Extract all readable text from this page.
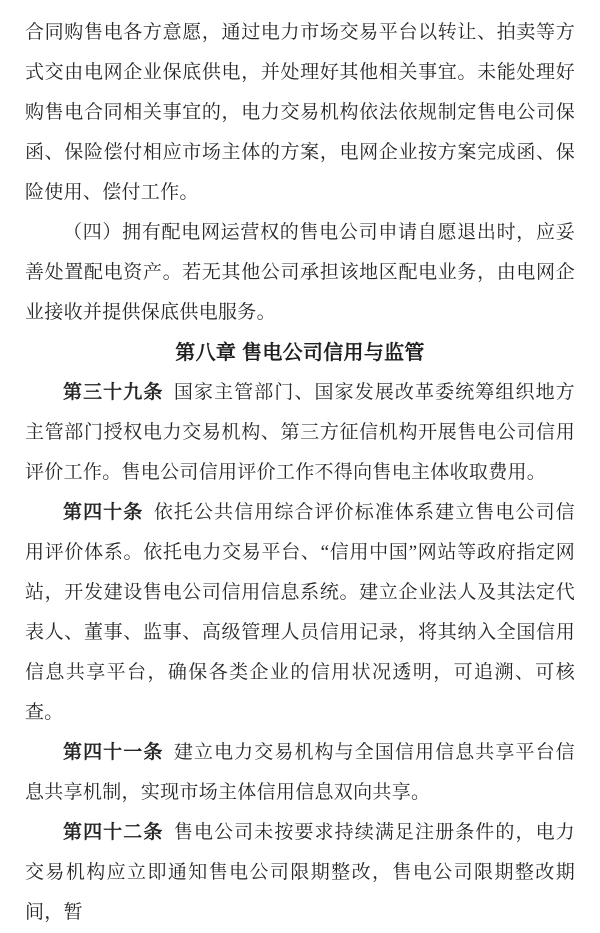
合同购售电各方意愿，通过电力市场交易平台以转让、拍卖等方式交由电网企业保底供电，并处理好其他相关事宜。未能处理好购售电合同相关事宜的，电力交易机构依法依规制定售电公司保函、保险偿付相应市场主体的方案，电网企业按方案完成函、保险使用、偿付工作。

（四）拥有配电网运营权的售电公司申请自愿退出时，应妥善处置配电资产。若无其他公司承担该地区配电业务，由电网企业接收并提供保底供电服务。

第八章 售电公司信用与监管

第三十九条 国家主管部门、国家发展改革委统筹组织地方主管部门授权电力交易机构、第三方征信机构开展售电公司信用评价工作。售电公司信用评价工作不得向售电主体收取费用。

第四十条 依托公共信用综合评价标准体系建立售电公司信用评价体系。依托电力交易平台、“信用中国”网站等政府指定网站，开发建设售电公司信用信息系统。建立企业法人及其法定代表人、董事、监事、高级管理人员信用记录，将其纳入全国信用信息共享平台，确保各类企业的信用状况透明，可追溯、可核查。

第四十一条 建立电力交易机构与全国信用信息共享平台信息共享机制，实现市场主体信用信息双向共享。

第四十二条 售电公司未按要求持续满足注册条件的，电力交易机构应立即通知售电公司限期整改，售电公司限期整改期间，暂
